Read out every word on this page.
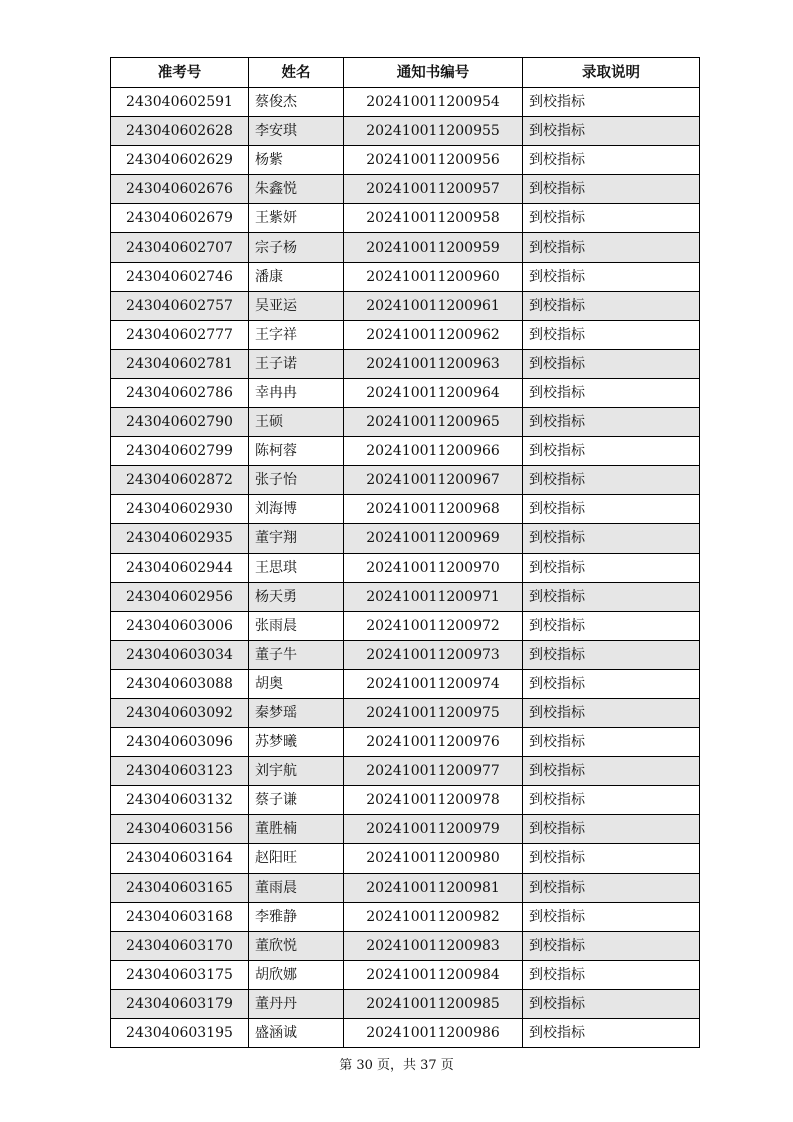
准考号	姓名	通知书编号	录取说明
243040602591	蔡俊杰	202410011200954	到校指标
243040602628	李安琪	202410011200955	到校指标
243040602629	杨紫	202410011200956	到校指标
243040602676	朱鑫悦	202410011200957	到校指标
243040602679	王紫妍	202410011200958	到校指标
243040602707	宗子杨	202410011200959	到校指标
243040602746	潘康	202410011200960	到校指标
243040602757	吴亚运	202410011200961	到校指标
243040602777	王字祥	202410011200962	到校指标
243040602781	王子诺	202410011200963	到校指标
243040602786	幸冉冉	202410011200964	到校指标
243040602790	王硕	202410011200965	到校指标
243040602799	陈柯蓉	202410011200966	到校指标
243040602872	张子怡	202410011200967	到校指标
243040602930	刘海博	202410011200968	到校指标
243040602935	董宇翔	202410011200969	到校指标
243040602944	王思琪	202410011200970	到校指标
243040602956	杨天勇	202410011200971	到校指标
243040603006	张雨晨	202410011200972	到校指标
243040603034	董子牛	202410011200973	到校指标
243040603088	胡奥	202410011200974	到校指标
243040603092	秦梦瑶	202410011200975	到校指标
243040603096	苏梦曦	202410011200976	到校指标
243040603123	刘宇航	202410011200977	到校指标
243040603132	蔡子谦	202410011200978	到校指标
243040603156	董胜楠	202410011200979	到校指标
243040603164	赵阳旺	202410011200980	到校指标
243040603165	董雨晨	202410011200981	到校指标
243040603168	李雅静	202410011200982	到校指标
243040603170	董欣悦	202410011200983	到校指标
243040603175	胡欣娜	202410011200984	到校指标
243040603179	董丹丹	202410011200985	到校指标
243040603195	盛涵诚	202410011200986	到校指标
第 30 页，共 37 页
